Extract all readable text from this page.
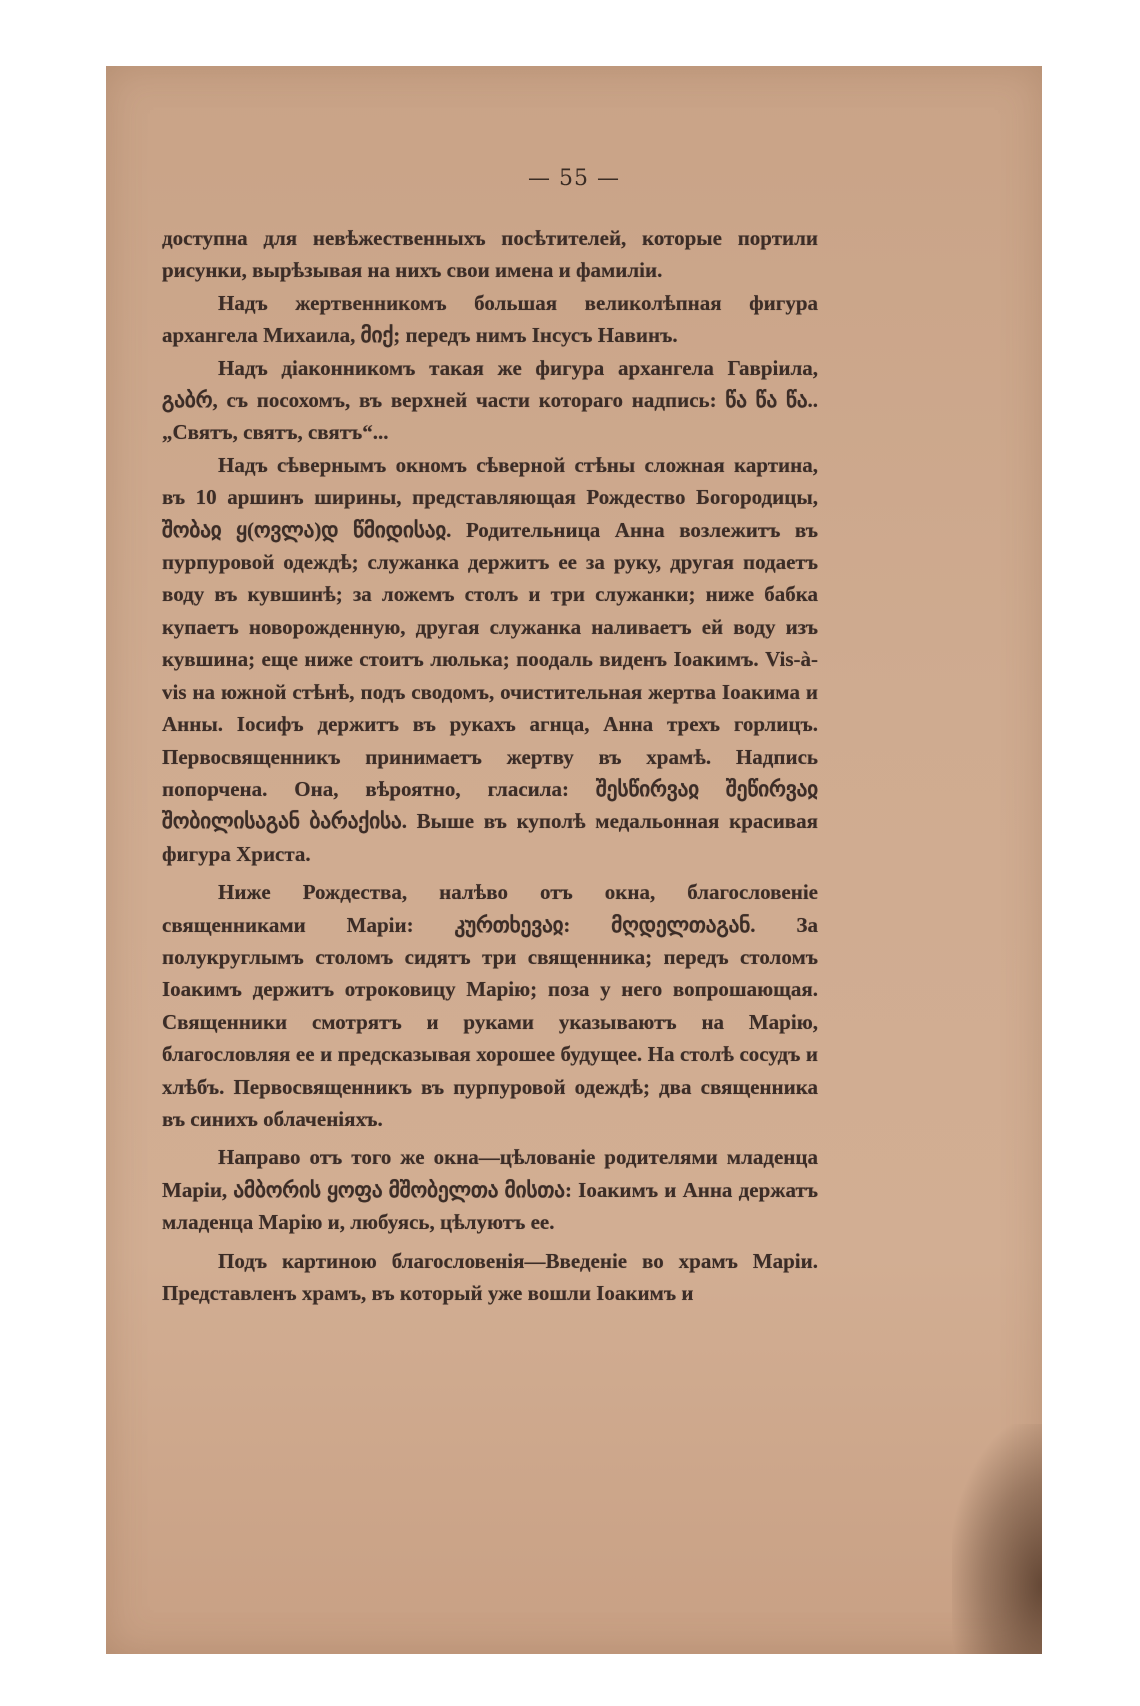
— 55 —

доступна для невѣжественныхъ посѣтителей, которые портили рисунки, вырѣзывая на нихъ свои имена и фамиліи.

Надъ жертвенникомъ большая великолѣпная фигура архангела Михаила, მიქ; передъ нимъ Інсусъ Навинъ.

Надъ діаконникомъ такая же фигура архангела Гавріила, გაბრ, съ посохомъ, въ верхней части котораго надпись: წა წა წა.. „Святъ, святъ, святъ“...

Надъ сѣвернымъ окномъ сѣверной стѣны сложная картина, въ 10 аршинъ ширины, представляющая Рождество Богородицы, შობაჲ ყ(ოვლა)დ წმიდისაჲ. Родительница Анна возлежитъ въ пурпуровой одеждѣ; служанка держитъ ее за руку, другая подаетъ воду въ кувшинѣ; за ложемъ столъ и три служанки; ниже бабка купаетъ новорожденную, другая служанка наливаетъ ей воду изъ кувшина; еще ниже стоитъ люлька; поодаль виденъ Іоакимъ. Vis-à-vis на южной стѣнѣ, подъ сводомъ, очистительная жертва Іоакима и Анны. Іосифъ держитъ въ рукахъ агнца, Анна трехъ горлицъ. Первосвященникъ принимаетъ жертву въ храмѣ. Надпись попорчена. Она, вѣроятно, гласила: შესწირვაჲ შეწირვაჲ შობილისაგან ბარაქისა. Выше въ куполѣ медальонная красивая фигура Христа.

Ниже Рождества, налѣво отъ окна, благословеніе священниками Маріи: კურთხევაჲ: მღდელთაგან. За полукруглымъ столомъ сидятъ три священника; передъ столомъ Іоакимъ держитъ отроковицу Марію; поза у него вопрошающая. Священники смотрятъ и руками указываютъ на Марію, благословляя ее и предсказывая хорошее будущее. На столѣ сосудъ и хлѣбъ. Первосвященникъ въ пурпуровой одеждѣ; два священника въ синихъ облаченіяхъ.

Направо отъ того же окна—цѣлованіе родителями младенца Маріи, ამბორის ყოფა მშობელთა მისთა: Іоакимъ и Анна держатъ младенца Марію и, любуясь, цѣлуютъ ее.

Подъ картиною благословенія—Введеніе во храмъ Маріи. Представленъ храмъ, въ который уже вошли Іоакимъ и
